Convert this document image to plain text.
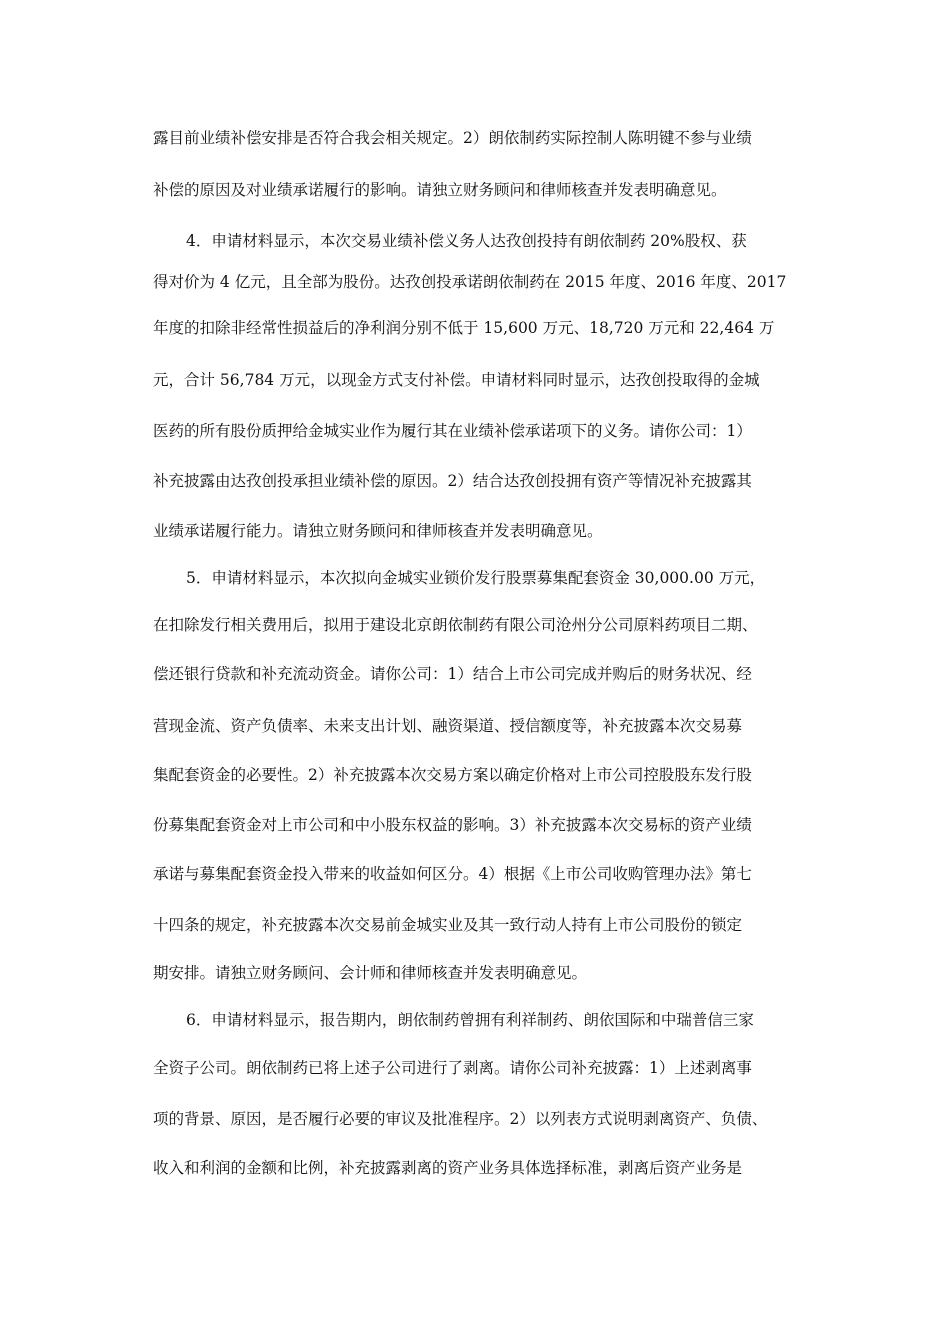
露目前业绩补偿安排是否符合我会相关规定。2）朗依制药实际控制人陈明键不参与业绩
补偿的原因及对业绩承诺履行的影响。请独立财务顾问和律师核查并发表明确意见。
4．申请材料显示，本次交易业绩补偿义务人达孜创投持有朗依制药 20%股权、获
得对价为 4 亿元，且全部为股份。达孜创投承诺朗依制药在 2015 年度、2016 年度、2017
年度的扣除非经常性损益后的净利润分别不低于 15,600 万元、18,720 万元和 22,464 万
元，合计 56,784 万元，以现金方式支付补偿。申请材料同时显示，达孜创投取得的金城
医药的所有股份质押给金城实业作为履行其在业绩补偿承诺项下的义务。请你公司：1）
补充披露由达孜创投承担业绩补偿的原因。2）结合达孜创投拥有资产等情况补充披露其
业绩承诺履行能力。请独立财务顾问和律师核查并发表明确意见。
5．申请材料显示，本次拟向金城实业锁价发行股票募集配套资金 30,000.00 万元，
在扣除发行相关费用后，拟用于建设北京朗依制药有限公司沧州分公司原料药项目二期、
偿还银行贷款和补充流动资金。请你公司：1）结合上市公司完成并购后的财务状况、经
营现金流、资产负债率、未来支出计划、融资渠道、授信额度等，补充披露本次交易募
集配套资金的必要性。2）补充披露本次交易方案以确定价格对上市公司控股股东发行股
份募集配套资金对上市公司和中小股东权益的影响。3）补充披露本次交易标的资产业绩
承诺与募集配套资金投入带来的收益如何区分。4）根据《上市公司收购管理办法》第七
十四条的规定，补充披露本次交易前金城实业及其一致行动人持有上市公司股份的锁定
期安排。请独立财务顾问、会计师和律师核查并发表明确意见。
6．申请材料显示，报告期内，朗依制药曾拥有利祥制药、朗依国际和中瑞普信三家
全资子公司。朗依制药已将上述子公司进行了剥离。请你公司补充披露：1）上述剥离事
项的背景、原因，是否履行必要的审议及批准程序。2）以列表方式说明剥离资产、负债、
收入和利润的金额和比例，补充披露剥离的资产业务具体选择标准，剥离后资产业务是
